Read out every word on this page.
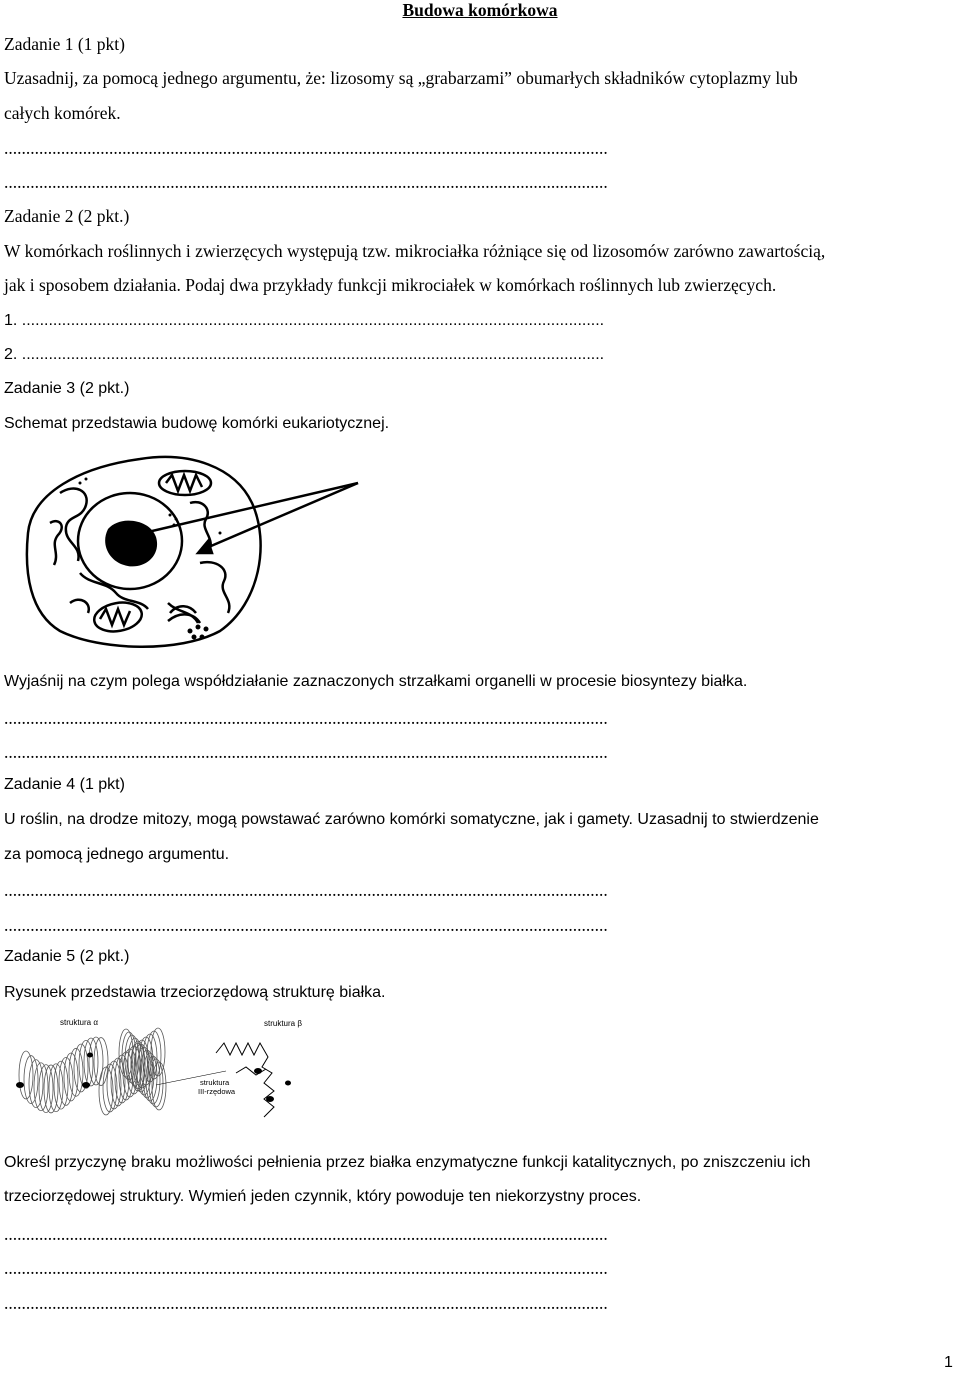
Budowa komórkowa
Zadanie 1 (1 pkt)
Uzasadnij, za pomocą jednego argumentu, że: lizosomy są „grabarzami” obumarłych składników cytoplazmy lub
całych komórek.
..........................................................................................................................................
..........................................................................................................................................
Zadanie 2 (2 pkt.)
W komórkach roślinnych i zwierzęcych występują tzw. mikrociałka różniące się od lizosomów zarówno zawartością,
jak i sposobem działania. Podaj dwa przykłady funkcji mikrociałek w komórkach roślinnych lub zwierzęcych.
1. ...................................................................................................................................
2. ...................................................................................................................................
Zadanie 3 (2 pkt.)
Schemat przedstawia budowę komórki eukariotycznej.
Wyjaśnij na czym polega współdziałanie zaznaczonych strzałkami organelli w procesie biosyntezy białka.
..........................................................................................................................................
..........................................................................................................................................
Zadanie 4 (1 pkt)
U roślin, na drodze mitozy, mogą powstawać zarówno komórki somatyczne, jak i gamety. Uzasadnij to stwierdzenie
za pomocą jednego argumentu.
..........................................................................................................................................
..........................................................................................................................................
Zadanie 5 (2 pkt.)
Rysunek przedstawia trzeciorzędową strukturę białka.
struktura α	struktura β
struktura III-rzędowa
Określ przyczynę braku możliwości pełnienia przez białka enzymatyczne funkcji katalitycznych, po zniszczeniu ich
trzeciorzędowej struktury. Wymień jeden czynnik, który powoduje ten niekorzystny proces.
..........................................................................................................................................
..........................................................................................................................................
..........................................................................................................................................
1
